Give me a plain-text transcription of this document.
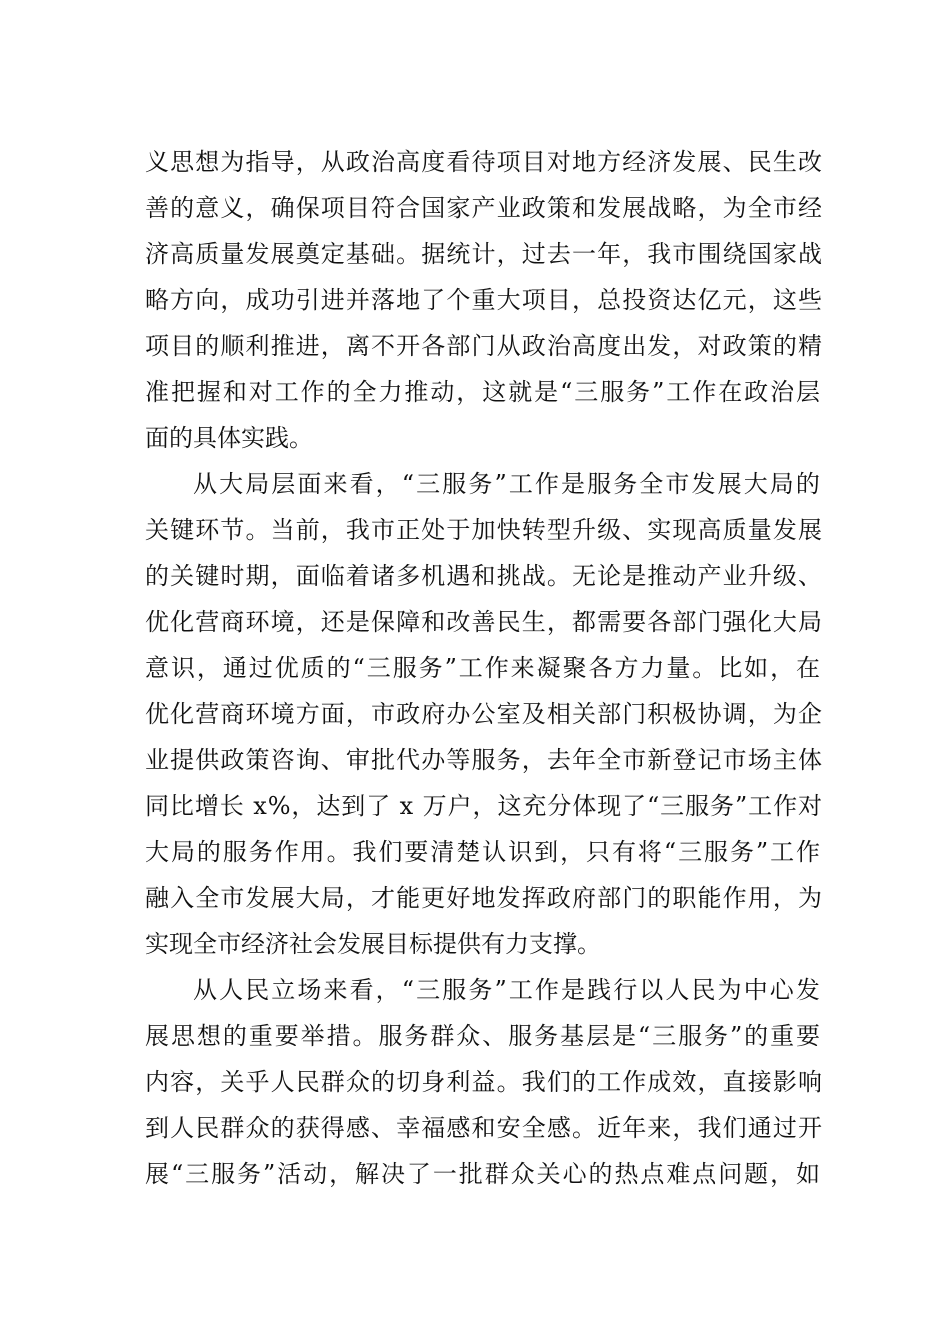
义思想为指导，从政治高度看待项目对地方经济发展、民生改
善的意义，确保项目符合国家产业政策和发展战略，为全市经
济高质量发展奠定基础。据统计，过去一年，我市围绕国家战
略方向，成功引进并落地了个重大项目，总投资达亿元，这些
项目的顺利推进，离不开各部门从政治高度出发，对政策的精
准把握和对工作的全力推动，这就是“三服务”工作在政治层
面的具体实践。
从大局层面来看，“三服务”工作是服务全市发展大局的
关键环节。当前，我市正处于加快转型升级、实现高质量发展
的关键时期，面临着诸多机遇和挑战。无论是推动产业升级、
优化营商环境，还是保障和改善民生，都需要各部门强化大局
意识，通过优质的“三服务”工作来凝聚各方力量。比如，在
优化营商环境方面，市政府办公室及相关部门积极协调，为企
业提供政策咨询、审批代办等服务，去年全市新登记市场主体
同比增长 x%，达到了 x 万户，这充分体现了“三服务”工作对
大局的服务作用。我们要清楚认识到，只有将“三服务”工作
融入全市发展大局，才能更好地发挥政府部门的职能作用，为
实现全市经济社会发展目标提供有力支撑。
从人民立场来看，“三服务”工作是践行以人民为中心发
展思想的重要举措。服务群众、服务基层是“三服务”的重要
内容，关乎人民群众的切身利益。我们的工作成效，直接影响
到人民群众的获得感、幸福感和安全感。近年来，我们通过开
展“三服务”活动，解决了一批群众关心的热点难点问题，如
